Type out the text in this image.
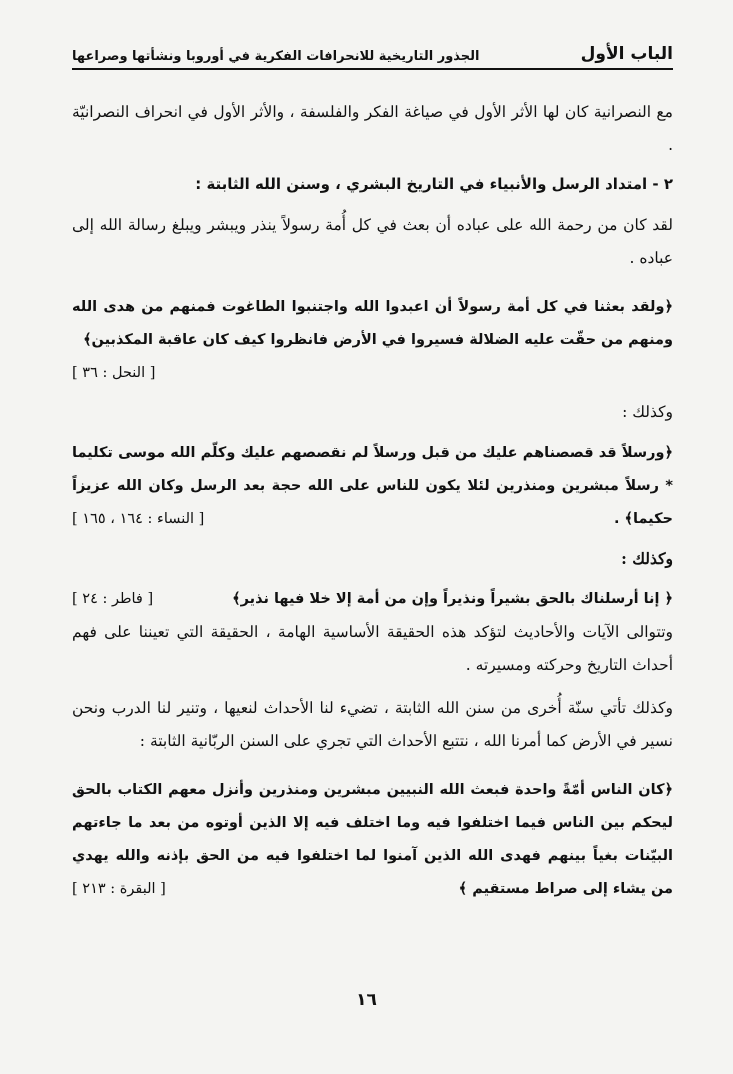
الجذور التاريخية للانحرافات الفكرية في أوروبا ونشأتها وصراعها	الباب الأول

مع النصرانية كان لها الأثر الأول في صياغة الفكر والفلسفة ، والأثر الأول في انحراف النصرانيّة .

٢ - امتداد الرسل والأنبياء في التاريخ البشري ، وسنن الله الثابتة :

لقد كان من رحمة الله على عباده أن بعث في كل أُمة رسولاً ينذر ويبشر ويبلغ رسالة الله إلى عباده .

﴿ولقد بعثنا في كل أمة رسولاً أن اعبدوا الله واجتنبوا الطاغوت فمنهم من هدى الله ومنهم من حقّت عليه الضلالة فسيروا في الأرض فانظروا كيف كان عاقبة المكذبين﴾

[ النحل : ٣٦ ]

وكذلك :

﴿ورسلاً قد قصصناهم عليك من قبل ورسلاً لم نقصصهم عليك وكلّم الله موسى تكليما * رسلاً مبشرين ومنذرين لئلا يكون للناس على الله حجة بعد الرسل وكان الله عزيزاً حكيما﴾ .
[ النساء : ١٦٤ ، ١٦٥ ]

وكذلك :

[ فاطر : ٢٤ ]	﴿ إنا أرسلناك بالحق بشيراً ونذيراً وإن من أمة إلا خلا فيها نذير﴾

وتتوالى الآيات والأحاديث لتؤكد هذه الحقيقة الأساسية الهامة ، الحقيقة التي تعيننا على فهم أحداث التاريخ وحركته ومسيرته .

وكذلك تأتي سنّة أُخرى من سنن الله الثابتة ، تضيء لنا الأحداث لنعيها ، وتنير لنا الدرب ونحن نسير في الأرض كما أمرنا الله ، نتتبع الأحداث التي تجري على السنن الربّانية الثابتة :

﴿كان الناس أمّةً واحدة فبعث الله النبيين مبشرين ومنذرين وأنزل معهم الكتاب بالحق ليحكم بين الناس فيما اختلفوا فيه وما اختلف فيه إلا الذين أوتوه من بعد ما جاءتهم البيّنات بغياً بينهم فهدى الله الذين آمنوا لما اختلفوا فيه من الحق بإذنه والله يهدي من يشاء إلى صراط مستقيم ﴾
[ البقرة : ٢١٣ ]

١٦
